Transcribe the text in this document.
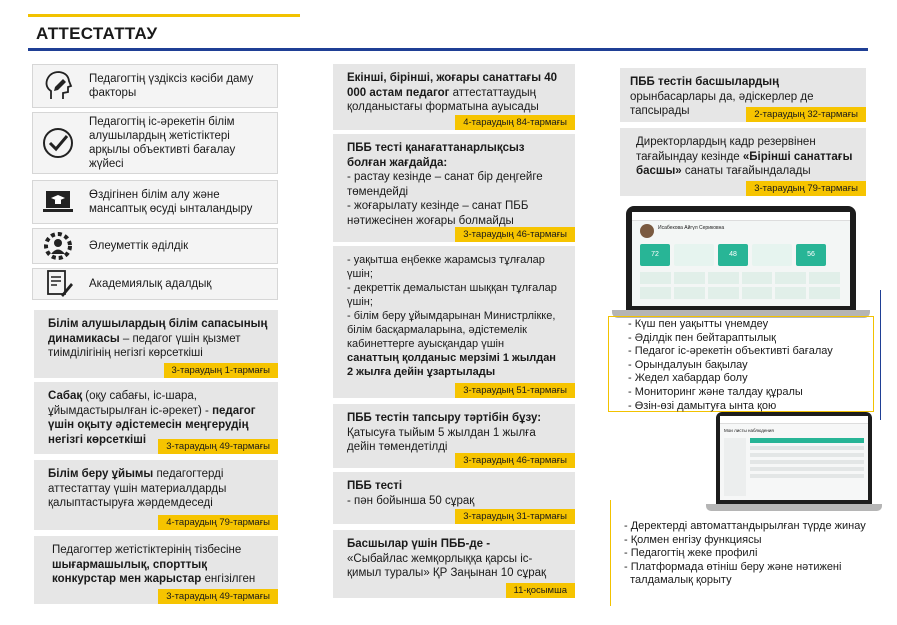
АТТЕСТАТТАУ
Педагогтің үздіксіз кәсіби даму факторы
Педагогтің іс-әрекетін білім алушылардың жетістіктері арқылы объективті бағалау жүйесі
Өздігінен білім алу және мансаптық өсуді ынталандыру
Әлеуметтік әділдік
Академиялық адалдық
Білім алушылардың білім сапасының динамикасы – педагог үшін қызмет тиімділігінің негізгі көрсеткіші
3-тараудың 1-тармағы
Сабақ (оқу сабағы, іс-шара, ұйымдастырылған іс-әрекет) - педагог үшін оқыту әдістемесін меңгерудің негізгі көрсеткіші
3-тараудың 49-тармағы
Білім беру ұйымы педагогтерді аттестаттау үшін материалдарды қалыптастыруға жәрдемдеседі
4-тараудың 79-тармағы
Педагогтер жетістіктерінің тізбесіне шығармашылық, спорттық конкурстар мен жарыстар енгізілген
3-тараудың 49-тармағы
Екінші, бірінші, жоғары санаттағы 40 000 астам педагог аттестаттаудың қолданыстағы форматына ауысады
4-тараудың 84-тармағы
ПББ тесті қанағаттанарлықсыз болған жағдайда:
- растау кезінде – санат бір деңгейге төмендейді
- жоғарылату кезінде – санат ПББ нәтижесінен жоғары болмайды
3-тараудың 46-тармағы
- уақытша еңбекке жарамсыз тұлғалар үшін;
- декреттік демалыстан шыққан тұлғалар үшін;
- білім беру ұйымдарынан Министрлікке, білім басқармаларына, әдістемелік кабинеттерге ауысқандар үшін
санаттың қолданыс мерзімі 1 жылдан 2 жылға дейін ұзартылады
3-тараудың 51-тармағы
ПББ тестін тапсыру тәртібін бұзу:
Қатысуға тыйым 5 жылдан 1 жылға дейін төмендетілді
3-тараудың 46-тармағы
ПББ тесті
- пән бойынша 50 сұрақ
3-тараудың 31-тармағы
Басшылар үшін ПББ-де -
«Сыбайлас жемқорлыққа қарсы іс-қимыл туралы» ҚР Заңынан 10 сұрақ
11-қосымша
ПББ тестін басшылардың орынбасарлары да, әдіскерлер де тапсырады	2-тараудың 32-тармағы
Директорлардың кадр резервінен тағайындау кезінде «Бірінші санаттағы басшы» санаты тағайындалады
3-тараудың 79-тармағы
Исабекова Айгүл Сериковна
72	48	56
- Күш пен уақытты үнемдеу
- Әділдік пен бейтараптылық
- Педагог іс-әрекетін объективті бағалау
- Орындалуын бақылау
- Жедел хабардар болу
- Мониторинг және талдау құралы
- Өзін-өзі дамытуға ынта қою
Мои листы наблюдения
- Деректерді автоматтандырылған түрде жинау
- Қолмен енгізу функциясы
- Педагогтің жеке профилі
- Платформада өтініш беру және нәтижені
талдамалық қорыту
